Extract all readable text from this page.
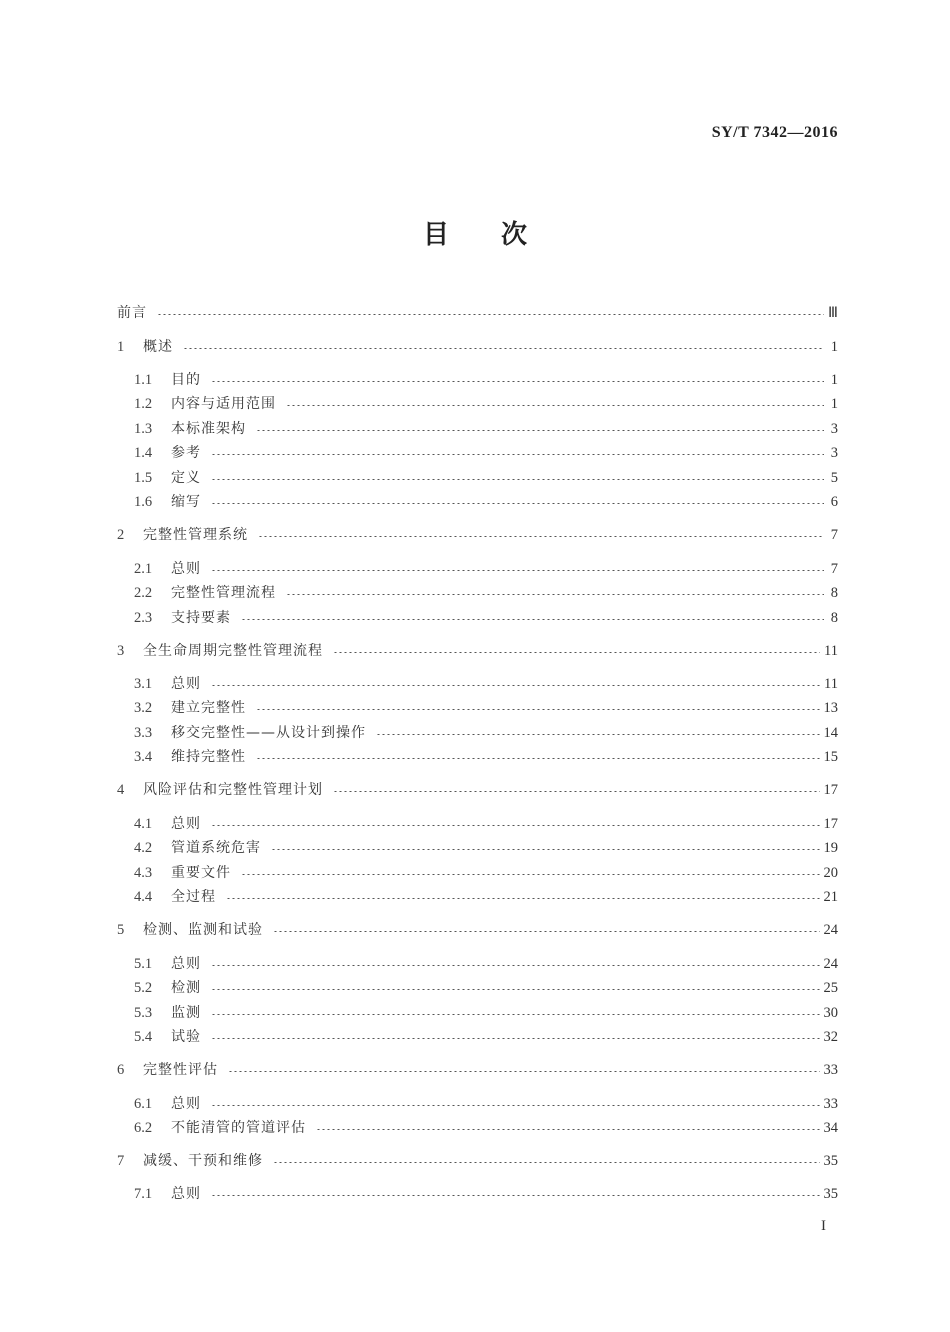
SY/T 7342—2016
目次
前言	Ⅲ
1	概述	1
1.1	目的	1
1.2	内容与适用范围	1
1.3	本标准架构	3
1.4	参考	3
1.5	定义	5
1.6	缩写	6
2	完整性管理系统	7
2.1	总则	7
2.2	完整性管理流程	8
2.3	支持要素	8
3	全生命周期完整性管理流程	11
3.1	总则	11
3.2	建立完整性	13
3.3	移交完整性——从设计到操作	14
3.4	维持完整性	15
4	风险评估和完整性管理计划	17
4.1	总则	17
4.2	管道系统危害	19
4.3	重要文件	20
4.4	全过程	21
5	检测、监测和试验	24
5.1	总则	24
5.2	检测	25
5.3	监测	30
5.4	试验	32
6	完整性评估	33
6.1	总则	33
6.2	不能清管的管道评估	34
7	减缓、干预和维修	35
7.1	总则	35
I
